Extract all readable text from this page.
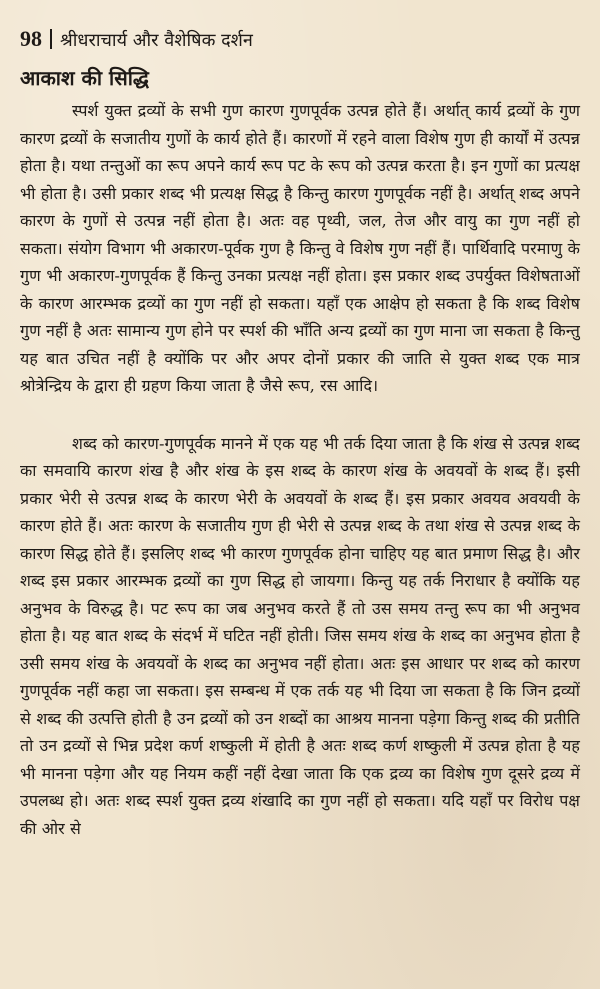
98 श्रीधराचार्य और वैशेषिक दर्शन
आकाश की सिद्धि

स्पर्श युक्त द्रव्यों के सभी गुण कारण गुणपूर्वक उत्पन्न होते हैं। अर्थात् कार्य द्रव्यों के गुण कारण द्रव्यों के सजातीय गुणों के कार्य होते हैं। कारणों में रहने वाला विशेष गुण ही कार्यों में उत्पन्न होता है। यथा तन्तुओं का रूप अपने कार्य रूप पट के रूप को उत्पन्न करता है। इन गुणों का प्रत्यक्ष भी होता है। उसी प्रकार शब्द भी प्रत्यक्ष सिद्ध है किन्तु कारण गुणपूर्वक नहीं है। अर्थात् शब्द अपने कारण के गुणों से उत्पन्न नहीं होता है। अतः वह पृथ्वी, जल, तेज और वायु का गुण नहीं हो सकता। संयोग विभाग भी अकारण-पूर्वक गुण है किन्तु वे विशेष गुण नहीं हैं। पार्थिवादि परमाणु के गुण भी अकारण-गुणपूर्वक हैं किन्तु उनका प्रत्यक्ष नहीं होता। इस प्रकार शब्द उपर्युक्त विशेषताओं के कारण आरम्भक द्रव्यों का गुण नहीं हो सकता। यहाँ एक आक्षेप हो सकता है कि शब्द विशेष गुण नहीं है अतः सामान्य गुण होने पर स्पर्श की भाँति अन्य द्रव्यों का गुण माना जा सकता है किन्तु यह बात उचित नहीं है क्योंकि पर और अपर दोनों प्रकार की जाति से युक्त शब्द एक मात्र श्रोत्रेन्द्रिय के द्वारा ही ग्रहण किया जाता है जैसे रूप, रस आदि।

शब्द को कारण-गुणपूर्वक मानने में एक यह भी तर्क दिया जाता है कि शंख से उत्पन्न शब्द का समवायि कारण शंख है और शंख के इस शब्द के कारण शंख के अवयवों के शब्द हैं। इसी प्रकार भेरी से उत्पन्न शब्द के कारण भेरी के अवयवों के शब्द हैं। इस प्रकार अवयव अवयवी के कारण होते हैं। अतः कारण के सजातीय गुण ही भेरी से उत्पन्न शब्द के तथा शंख से उत्पन्न शब्द के कारण सिद्ध होते हैं। इसलिए शब्द भी कारण गुणपूर्वक होना चाहिए यह बात प्रमाण सिद्ध है। और शब्द इस प्रकार आरम्भक द्रव्यों का गुण सिद्ध हो जायगा। किन्तु यह तर्क निराधार है क्योंकि यह अनुभव के विरुद्ध है। पट रूप का जब अनुभव करते हैं तो उस समय तन्तु रूप का भी अनुभव होता है। यह बात शब्द के संदर्भ में घटित नहीं होती। जिस समय शंख के शब्द का अनुभव होता है उसी समय शंख के अवयवों के शब्द का अनुभव नहीं होता। अतः इस आधार पर शब्द को कारण गुणपूर्वक नहीं कहा जा सकता। इस सम्बन्ध में एक तर्क यह भी दिया जा सकता है कि जिन द्रव्यों से शब्द की उत्पत्ति होती है उन द्रव्यों को उन शब्दों का आश्रय मानना पड़ेगा किन्तु शब्द की प्रतीति तो उन द्रव्यों से भिन्न प्रदेश कर्ण शष्कुली में होती है अतः शब्द कर्ण शष्कुली में उत्पन्न होता है यह भी मानना पड़ेगा और यह नियम कहीं नहीं देखा जाता कि एक द्रव्य का विशेष गुण दूसरे द्रव्य में उपलब्ध हो। अतः शब्द स्पर्श युक्त द्रव्य शंखादि का गुण नहीं हो सकता। यदि यहाँ पर विरोध पक्ष की ओर से
